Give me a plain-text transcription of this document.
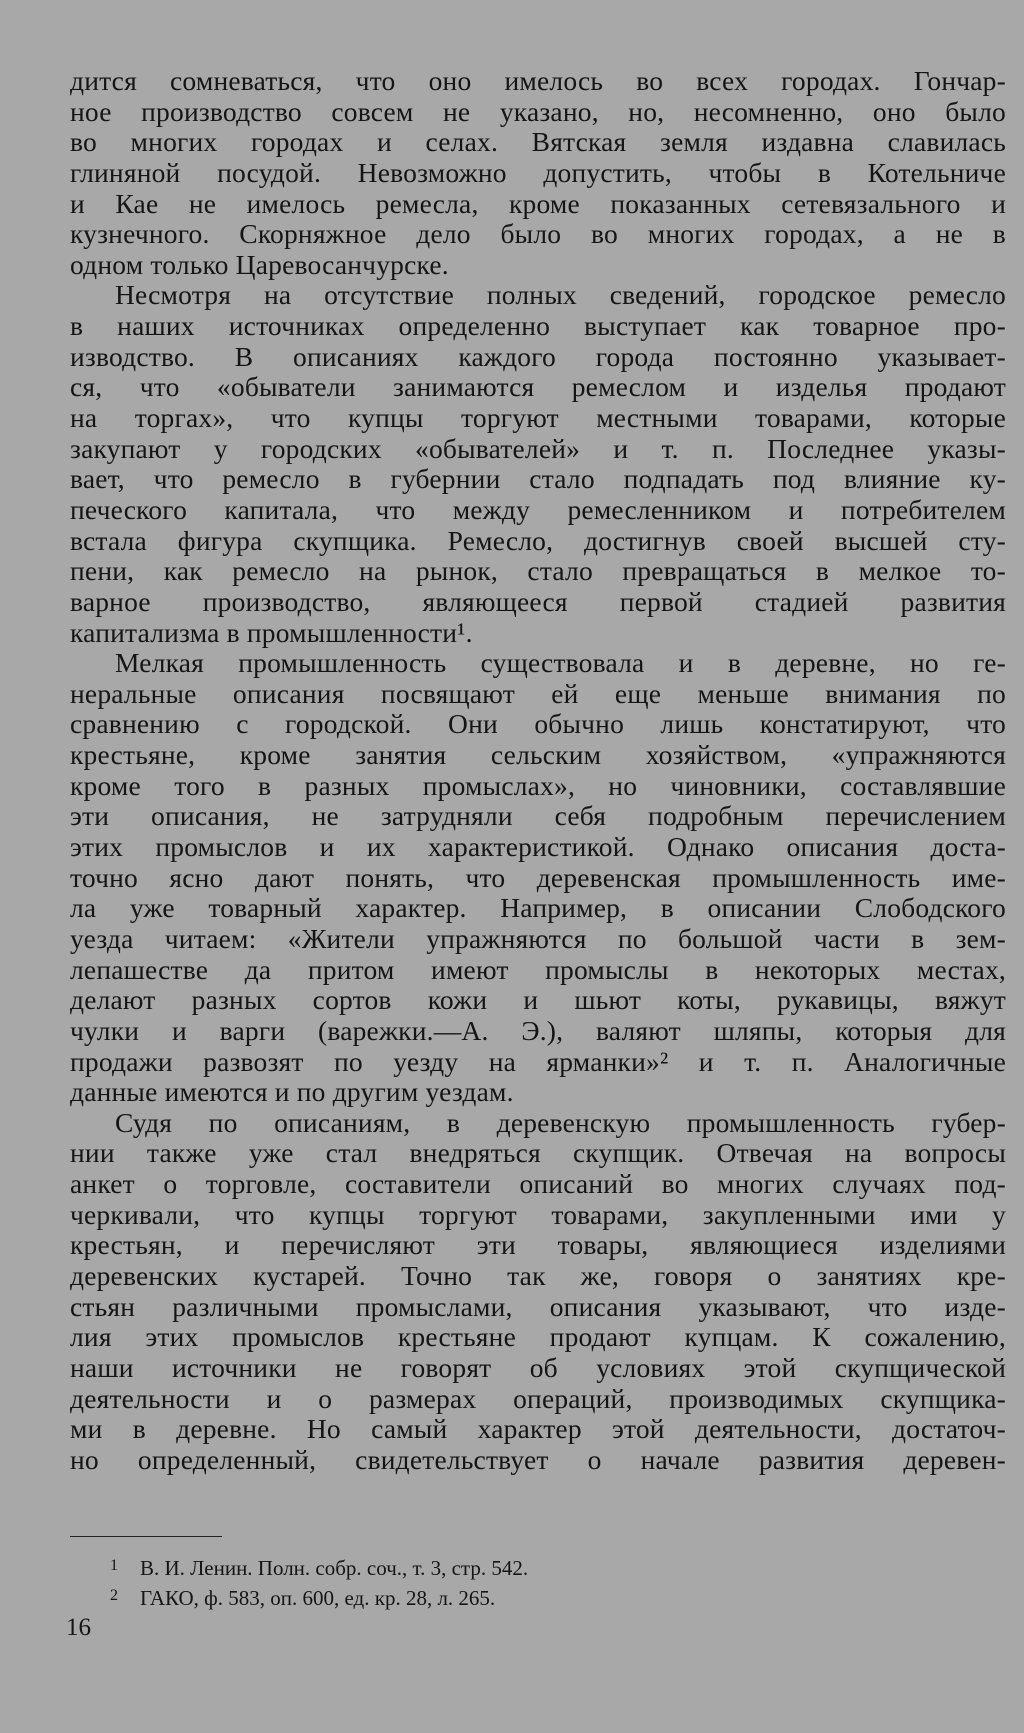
дится сомневаться, что оно имелось во всех городах. Гончар-
ное производство совсем не указано, но, несомненно, оно было
во многих городах и селах. Вятская земля издавна славилась
глиняной посудой. Невозможно допустить, чтобы в Котельниче
и Кае не имелось ремесла, кроме показанных сетевязального и
кузнечного. Скорняжное дело было во многих городах, а не в
одном только Царевосанчурске.
Несмотря на отсутствие полных сведений, городское ремесло
в наших источниках определенно выступает как товарное про-
изводство. В описаниях каждого города постоянно указывает-
ся, что «обыватели занимаются ремеслом и изделья продают
на торгах», что купцы торгуют местными товарами, которые
закупают у городских «обывателей» и т. п. Последнее указы-
вает, что ремесло в губернии стало подпадать под влияние ку-
печеского капитала, что между ремесленником и потребителем
встала фигура скупщика. Ремесло, достигнув своей высшей сту-
пени, как ремесло на рынок, стало превращаться в мелкое то-
варное производство, являющееся первой стадией развития
капитализма в промышленности¹.
Мелкая промышленность существовала и в деревне, но ге-
неральные описания посвящают ей еще меньше внимания по
сравнению с городской. Они обычно лишь констатируют, что
крестьяне, кроме занятия сельским хозяйством, «упражняются
кроме того в разных промыслах», но чиновники, составлявшие
эти описания, не затрудняли себя подробным перечислением
этих промыслов и их характеристикой. Однако описания доста-
точно ясно дают понять, что деревенская промышленность име-
ла уже товарный характер. Например, в описании Слободского
уезда читаем: «Жители упражняются по большой части в зем-
лепашестве да притом имеют промыслы в некоторых местах,
делают разных сортов кожи и шьют коты, рукавицы, вяжут
чулки и варги (варежки.—А. Э.), валяют шляпы, которыя для
продажи развозят по уезду на ярманки»² и т. п. Аналогичные
данные имеются и по другим уездам.
Судя по описаниям, в деревенскую промышленность губер-
нии также уже стал внедряться скупщик. Отвечая на вопросы
анкет о торговле, составители описаний во многих случаях под-
черкивали, что купцы торгуют товарами, закупленными ими у
крестьян, и перечисляют эти товары, являющиеся изделиями
деревенских кустарей. Точно так же, говоря о занятиях кре-
стьян различными промыслами, описания указывают, что изде-
лия этих промыслов крестьяне продают купцам. К сожалению,
наши источники не говорят об условиях этой скупщической
деятельности и о размерах операций, производимых скупщика-
ми в деревне. Но самый характер этой деятельности, достаточ-
но определенный, свидетельствует о начале развития деревен-
1 В. И. Ленин. Полн. собр. соч., т. 3, стр. 542.
2 ГАКО, ф. 583, оп. 600, ед. кр. 28, л. 265.
16
